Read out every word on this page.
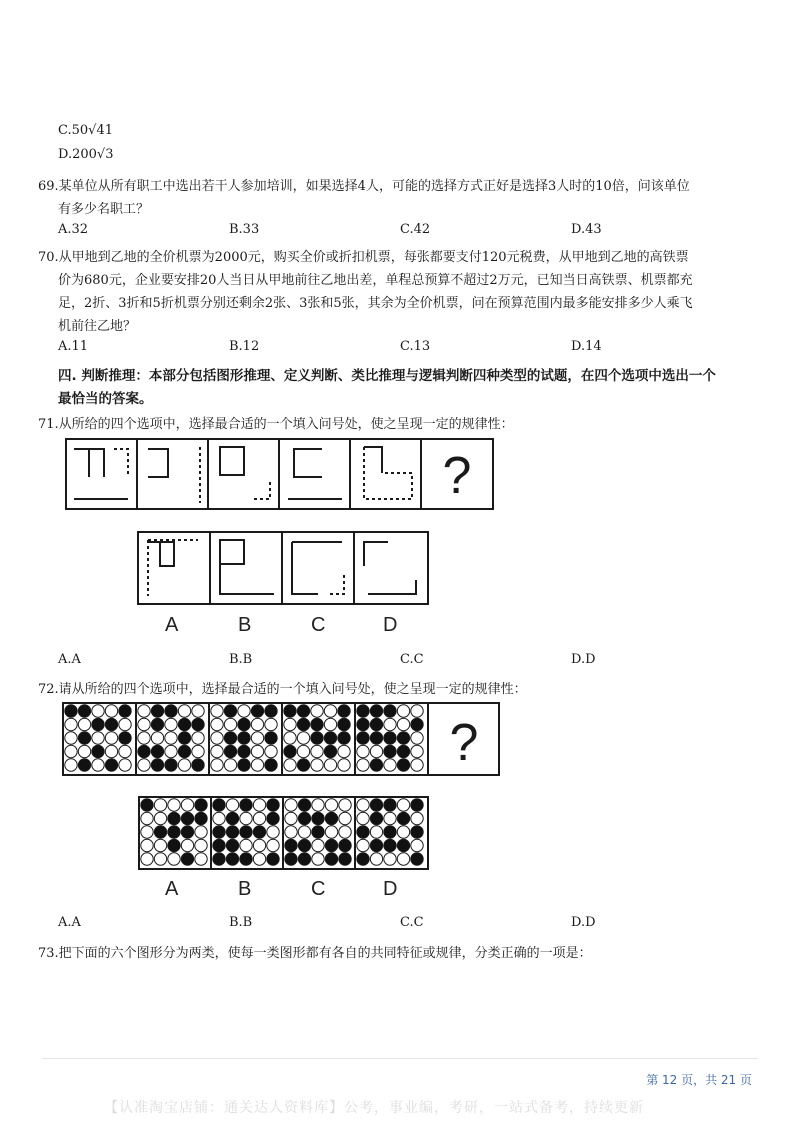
C.50√41
D.200√3
69.某单位从所有职工中选出若干人参加培训，如果选择4人，可能的选择方式正好是选择3人时的10倍，问该单位
有多少名职工？
A.32	B.33	C.42	D.43
70.从甲地到乙地的全价机票为2000元，购买全价或折扣机票，每张都要支付120元税费，从甲地到乙地的高铁票
价为680元，企业要安排20人当日从甲地前往乙地出差，单程总预算不超过2万元，已知当日高铁票、机票都充
足，2折、3折和5折机票分别还剩余2张、3张和5张，其余为全价机票，问在预算范围内最多能安排多少人乘飞
机前往乙地？
A.11	B.12	C.13	D.14
四. 判断推理：本部分包括图形推理、定义判断、类比推理与逻辑判断四种类型的试题，在四个选项中选出一个
最恰当的答案。
71.从所给的四个选项中，选择最合适的一个填入问号处，使之呈现一定的规律性：
?
A	B	C	D
A.A	B.B	C.C	D.D
72.请从所给的四个选项中，选择最合适的一个填入问号处，使之呈现一定的规律性：
?
A	B	C	D
A.A	B.B	C.C	D.D
73.把下面的六个图形分为两类，使每一类图形都有各自的共同特征或规律，分类正确的一项是：
第 12 页，共 21 页
【认准淘宝店铺：通关达人资料库】公考，事业编，考研，一站式备考，持续更新
